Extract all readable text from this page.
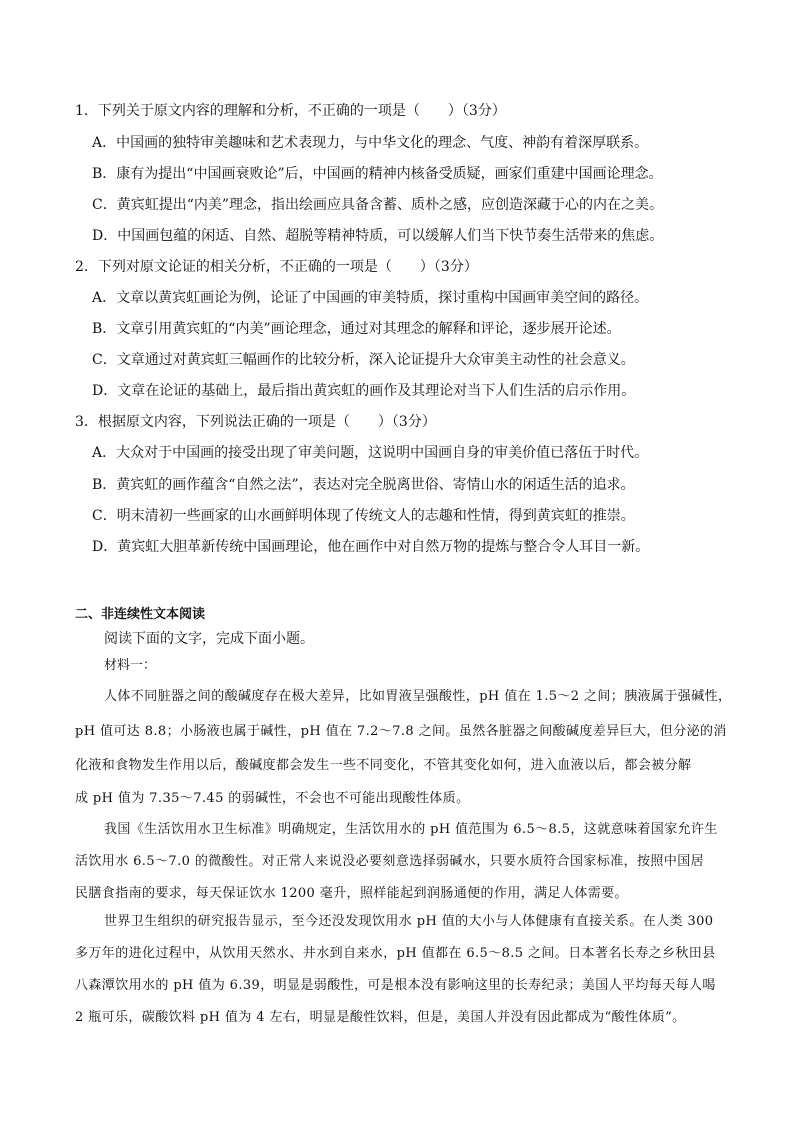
1．下列关于原文内容的理解和分析，不正确的一项是（　　）（3分）
A．中国画的独特审美趣味和艺术表现力，与中华文化的理念、气度、神韵有着深厚联系。
B．康有为提出“中国画衰败论”后，中国画的精神内核备受质疑，画家们重建中国画论理念。
C．黄宾虹提出“内美”理念，指出绘画应具备含蓄、质朴之感，应创造深藏于心的内在之美。
D．中国画包蕴的闲适、自然、超脱等精神特质，可以缓解人们当下快节奏生活带来的焦虑。
2．下列对原文论证的相关分析，不正确的一项是（　　）（3分）
A．文章以黄宾虹画论为例，论证了中国画的审美特质，探讨重构中国画审美空间的路径。
B．文章引用黄宾虹的“内美”画论理念，通过对其理念的解释和评论，逐步展开论述。
C．文章通过对黄宾虹三幅画作的比较分析，深入论证提升大众审美主动性的社会意义。
D．文章在论证的基础上，最后指出黄宾虹的画作及其理论对当下人们生活的启示作用。
3．根据原文内容，下列说法正确的一项是（　　）（3分）
A．大众对于中国画的接受出现了审美问题，这说明中国画自身的审美价值已落伍于时代。
B．黄宾虹的画作蕴含“自然之法”，表达对完全脱离世俗、寄情山水的闲适生活的追求。
C．明末清初一些画家的山水画鲜明体现了传统文人的志趣和性情，得到黄宾虹的推崇。
D．黄宾虹大胆革新传统中国画理论，他在画作中对自然万物的提炼与整合令人耳目一新。
二、非连续性文本阅读
阅读下面的文字，完成下面小题。
材料一：
人体不同脏器之间的酸碱度存在极大差异，比如胃液呈强酸性，pH 值在 1.5～2 之间；胰液属于强碱性，
pH 值可达 8.8；小肠液也属于碱性，pH 值在 7.2～7.8 之间。虽然各脏器之间酸碱度差异巨大，但分泌的消
化液和食物发生作用以后，酸碱度都会发生一些不同变化，不管其变化如何，进入血液以后，都会被分解
成 pH 值为 7.35～7.45 的弱碱性，不会也不可能出现酸性体质。
我国《生活饮用水卫生标准》明确规定，生活饮用水的 pH 值范围为 6.5～8.5，这就意味着国家允许生
活饮用水 6.5～7.0 的微酸性。对正常人来说没必要刻意选择弱碱水，只要水质符合国家标准，按照中国居
民膳食指南的要求，每天保证饮水 1200 毫升，照样能起到润肠通便的作用，满足人体需要。
世界卫生组织的研究报告显示，至今还没发现饮用水 pH 值的大小与人体健康有直接关系。在人类 300
多万年的进化过程中，从饮用天然水、井水到自来水，pH 值都在 6.5～8.5 之间。日本著名长寿之乡秋田县
八森潭饮用水的 pH 值为 6.39，明显是弱酸性，可是根本没有影响这里的长寿纪录；美国人平均每天每人喝
2 瓶可乐，碳酸饮料 pH 值为 4 左右，明显是酸性饮料，但是，美国人并没有因此都成为“酸性体质”。
